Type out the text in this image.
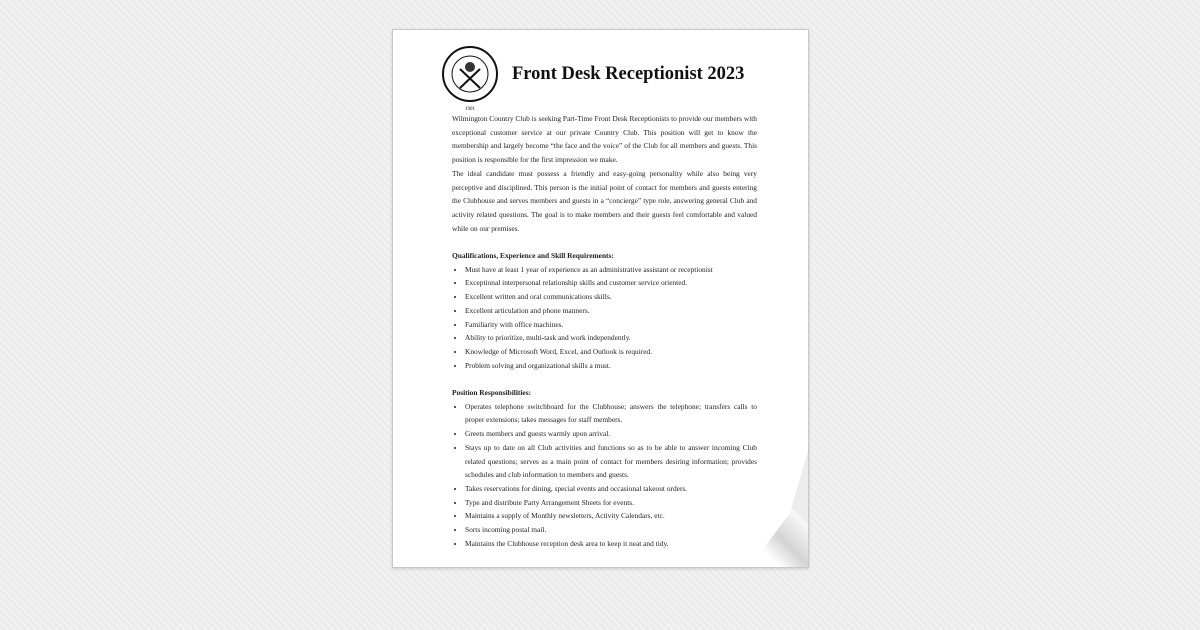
1901
Front Desk Receptionist 2023

Wilmington Country Club is seeking Part-Time Front Desk Receptionists to provide our members with exceptional customer service at our private Country Club. This position will get to know the membership and largely become “the face and the voice” of the Club for all members and guests. This position is responsible for the first impression we make.

The ideal candidate must possess a friendly and easy-going personality while also being very perceptive and disciplined. This person is the initial point of contact for members and guests entering the Clubhouse and serves members and guests in a “concierge” type role, answering general Club and activity related questions. The goal is to make members and their guests feel comfortable and valued while on our premises.

Qualifications, Experience and Skill Requirements:

• Must have at least 1 year of experience as an administrative assistant or receptionist
• Exceptional interpersonal relationship skills and customer service oriented.
• Excellent written and oral communications skills.
• Excellent articulation and phone manners.
• Familiarity with office machines.
• Ability to prioritize, multi-task and work independently.
• Knowledge of Microsoft Word, Excel, and Outlook is required.
• Problem solving and organizational skills a must.

Position Responsibilities:

• Operates telephone switchboard for the Clubhouse; answers the telephone; transfers calls to proper extensions; takes messages for staff members.
• Greets members and guests warmly upon arrival.
• Stays up to date on all Club activities and functions so as to be able to answer incoming Club related questions; serves as a main point of contact for members desiring information; provides schedules and club information to members and guests.
• Takes reservations for dining, special events and occasional takeout orders.
• Type and distribute Party Arrangement Sheets for events.
• Maintains a supply of Monthly newsletters, Activity Calendars, etc.
• Sorts incoming postal mail.
• Maintains the Clubhouse reception desk area to keep it neat and tidy.
